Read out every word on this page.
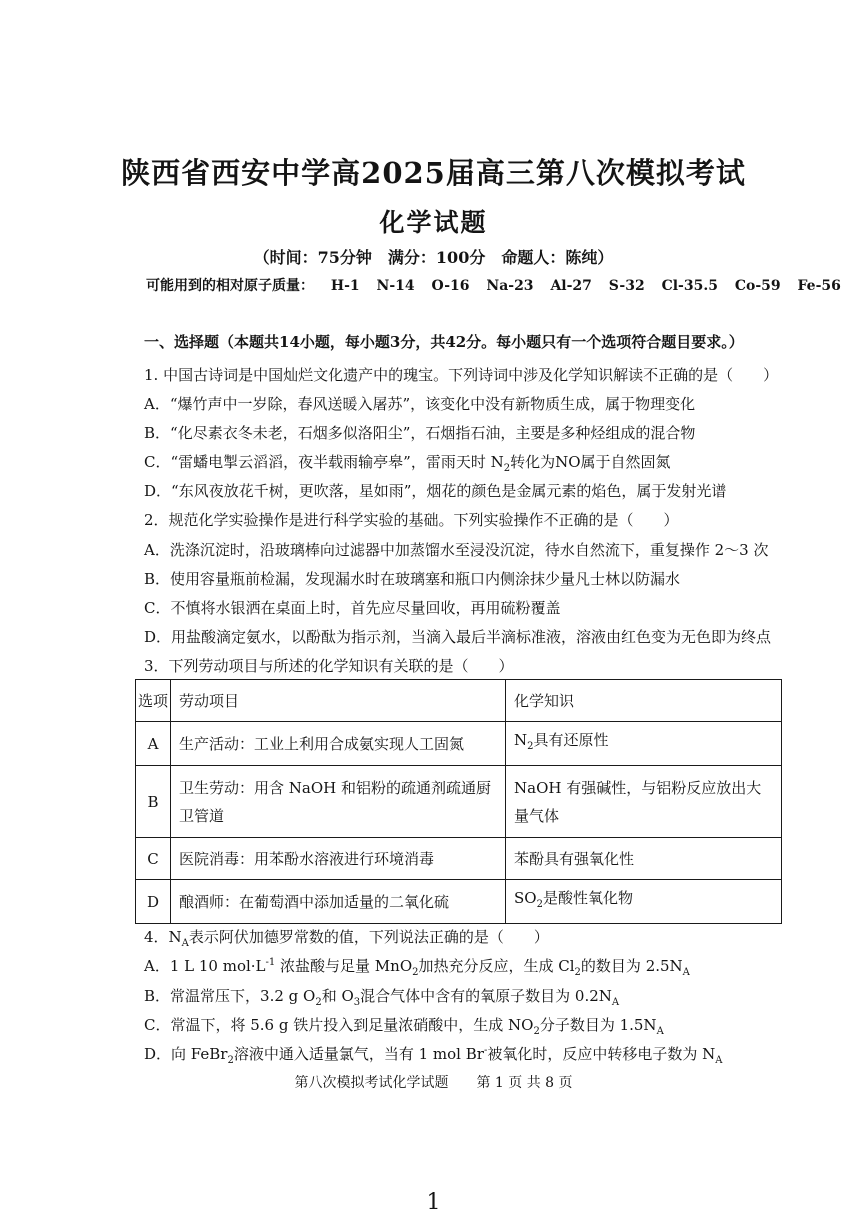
陕西省西安中学高2025届高三第八次模拟考试
化学试题
（时间：75分钟　满分：100分　命题人：陈纯）
可能用到的相对原子质量： H-1 N-14 O-16 Na-23 Al-27 S-32 Cl-35.5 Co-59 Fe-56
一、选择题（本题共14小题，每小题3分，共42分。每小题只有一个选项符合题目要求。）
1. 中国古诗词是中国灿烂文化遗产中的瑰宝。下列诗词中涉及化学知识解读不正确的是（　　）
A．“爆竹声中一岁除，春风送暖入屠苏”，该变化中没有新物质生成，属于物理变化
B．“化尽素衣冬未老，石烟多似洛阳尘”，石烟指石油，主要是多种烃组成的混合物
C．“雷蟠电掣云滔滔，夜半载雨输亭皋”，雷雨天时 $N_2$转化为NO属于自然固氮
D．“东风夜放花千树，更吹落，星如雨”，烟花的颜色是金属元素的焰色，属于发射光谱
2．规范化学实验操作是进行科学实验的基础。下列实验操作不正确的是（　　）
A．洗涤沉淀时，沿玻璃棒向过滤器中加蒸馏水至浸没沉淀，待水自然流下，重复操作 2～3 次
B．使用容量瓶前检漏，发现漏水时在玻璃塞和瓶口内侧涂抹少量凡士林以防漏水
C．不慎将水银洒在桌面上时，首先应尽量回收，再用硫粉覆盖
D．用盐酸滴定氨水，以酚酞为指示剂，当滴入最后半滴标准液，溶液由红色变为无色即为终点
3．下列劳动项目与所述的化学知识有关联的是（　　）
选项	劳动项目	化学知识
A	生产活动：工业上利用合成氨实现人工固氮	$N_2$具有还原性
B	卫生劳动：用含 NaOH 和铝粉的疏通剂疏通厨卫管道	NaOH 有强碱性，与铝粉反应放出大量气体
C	医院消毒：用苯酚水溶液进行环境消毒	苯酚具有强氧化性
D	酿酒师：在葡萄酒中添加适量的二氧化硫	$SO_2$是酸性氧化物
4．$N_A$表示阿伏加德罗常数的值，下列说法正确的是（　　）
A．1 L 10 $mol\cdot L^{-1}$ 浓盐酸与足量 MnO$_2$加热充分反应，生成 $Cl_2$的数目为 $2.5N_A$
B．常温常压下，3.2 g $O_2$和 $O_3$混合气体中含有的氧原子数目为 $0.2N_A$
C．常温下，将 5.6 g 铁片投入到足量浓硝酸中，生成 $NO_2$分子数目为 $1.5N_A$
D．向 FeBr$_2$溶液中通入适量氯气，当有 1 mol Br-被氧化时，反应中转移电子数为 $N_A$
第八次模拟考试化学试题　　第 1 页 共 8 页
1
